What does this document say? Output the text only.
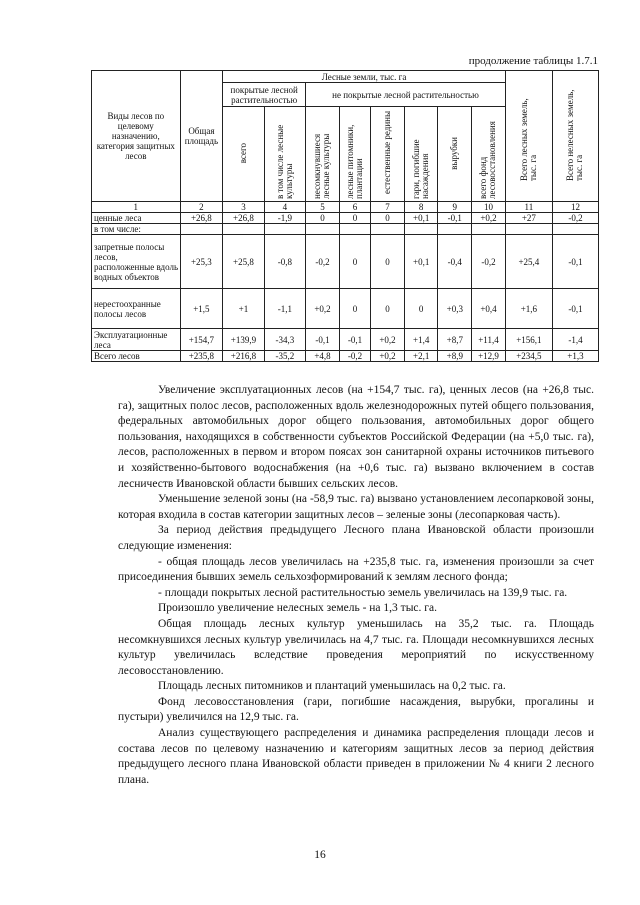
продолжение таблицы 1.7.1
Виды лесов по целевому назначению, категория защитных лесов	Общая площадь	Лесные земли, тыс. га								Всего лесных земель, тыс. га	Всего нелесных земель, тыс. га
		покрытые лесной растительностью		не покрытые лесной растительностью							
		всего	в том числе лесные культуры	несомкнувшиеся лесные культуры	лесные питомники, плантации	естественные редины	гари, погибшие насаждения	вырубки	всего фонд лесовосстановления		
1	2	3	4	5	6	7	8	9	10	11	12
ценные леса	+26,8	+26,8	-1,9	0	0	0	+0,1	-0,1	+0,2	+27	-0,2
в том числе:											
запретные полосы лесов, расположенные вдоль водных объектов	+25,3	+25,8	-0,8	-0,2	0	0	+0,1	-0,4	-0,2	+25,4	-0,1
нерестоохранные полосы лесов	+1,5	+1	-1,1	+0,2	0	0	0	+0,3	+0,4	+1,6	-0,1
Эксплуатационные леса	+154,7	+139,9	-34,3	-0,1	-0,1	+0,2	+1,4	+8,7	+11,4	+156,1	-1,4
Всего лесов	+235,8	+216,8	-35,2	+4,8	-0,2	+0,2	+2,1	+8,9	+12,9	+234,5	+1,3

Увеличение эксплуатационных лесов (на +154,7 тыс. га), ценных лесов (на +26,8 тыс. га), защитных полос лесов, расположенных вдоль железнодорожных путей общего пользования, федеральных автомобильных дорог общего пользования, автомобильных дорог общего пользования, находящихся в собственности субъектов Российской Федерации (на +5,0 тыс. га), лесов, расположенных в первом и втором поясах зон санитарной охраны источников питьевого и хозяйственно-бытового водоснабжения (на +0,6 тыс. га) вызвано включением в состав лесничеств Ивановской области бывших сельских лесов.

Уменьшение зеленой зоны (на -58,9 тыс. га) вызвано установлением лесопарковой зоны, которая входила в состав категории защитных лесов – зеленые зоны (лесопарковая часть).

За период действия предыдущего Лесного плана Ивановской области произошли следующие изменения:

- общая площадь лесов увеличилась на +235,8 тыс. га, изменения произошли за счет присоединения бывших земель сельхозформирований к землям лесного фонда;

- площади покрытых лесной растительностью земель увеличилась на 139,9 тыс. га.

Произошло увеличение нелесных земель - на 1,3 тыс. га.

Общая площадь лесных культур уменьшилась на 35,2 тыс. га. Площадь несомкнувшихся лесных культур увеличилась на 4,7 тыс. га. Площади несомкнувшихся лесных культур увеличилась вследствие проведения мероприятий по искусственному лесовосстановлению.

Площадь лесных питомников и плантаций уменьшилась на 0,2 тыс. га.

Фонд лесовосстановления (гари, погибшие насаждения, вырубки, прогалины и пустыри) увеличился на 12,9 тыс. га.

Анализ существующего распределения и динамика распределения площади лесов и состава лесов по целевому назначению и категориям защитных лесов за период действия предыдущего лесного плана Ивановской области приведен в приложении № 4 книги 2 лесного плана.

16
